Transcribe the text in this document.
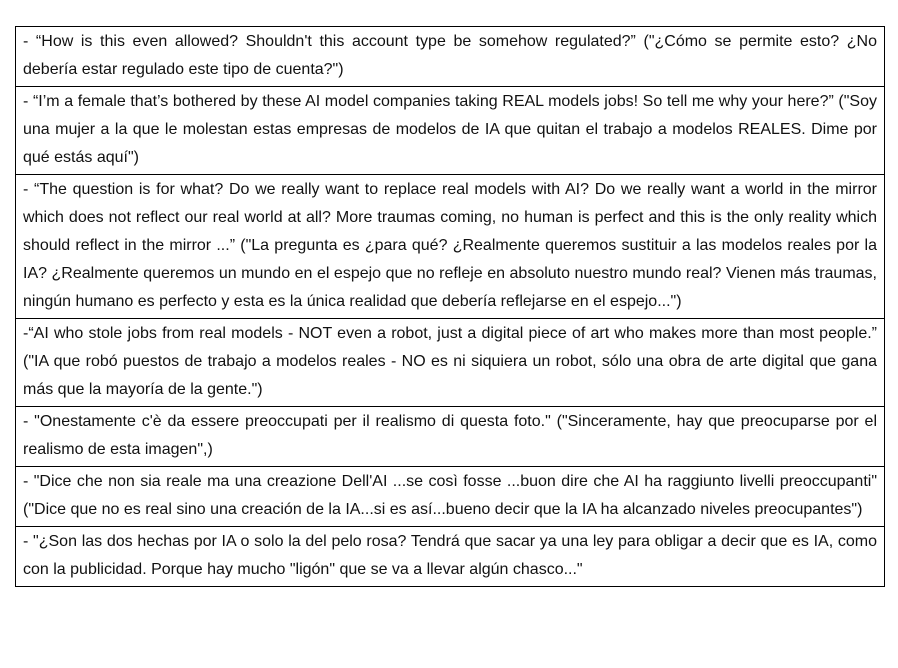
- “How is this even allowed? Shouldn't this account type be somehow regulated?” ("¿Cómo se permite esto? ¿No debería estar regulado este tipo de cuenta?")
- “I’m a female that’s bothered by these AI model companies taking REAL models jobs! So tell me why your here?” ("Soy una mujer a la que le molestan estas empresas de modelos de IA que quitan el trabajo a modelos REALES. Dime por qué estás aquí")
- “The question is for what? Do we really want to replace real models with AI? Do we really want a world in the mirror which does not reflect our real world at all? More traumas coming, no human is perfect and this is the only reality which should reflect in the mirror ...” ("La pregunta es ¿para qué? ¿Realmente queremos sustituir a las modelos reales por la IA? ¿Realmente queremos un mundo en el espejo que no refleje en absoluto nuestro mundo real? Vienen más traumas, ningún humano es perfecto y esta es la única realidad que debería reflejarse en el espejo...")
-“AI who stole jobs from real models - NOT even a robot, just a digital piece of art who makes more than most people.” ("IA que robó puestos de trabajo a modelos reales - NO es ni siquiera un robot, sólo una obra de arte digital que gana más que la mayoría de la gente.")
- "Onestamente c'è da essere preoccupati per il realismo di questa foto." ("Sinceramente, hay que preocuparse por el realismo de esta imagen",)
- "Dice che non sia reale ma una creazione Dell'AI ...se così fosse ...buon dire che AI ha raggiunto livelli preoccupanti" ("Dice que no es real sino una creación de la IA...si es así...bueno decir que la IA ha alcanzado niveles preocupantes")
- "¿Son las dos hechas por IA o solo la del pelo rosa? Tendrá que sacar ya una ley para obligar a decir que es IA, como con la publicidad. Porque hay mucho "ligón" que se va a llevar algún chasco..."
